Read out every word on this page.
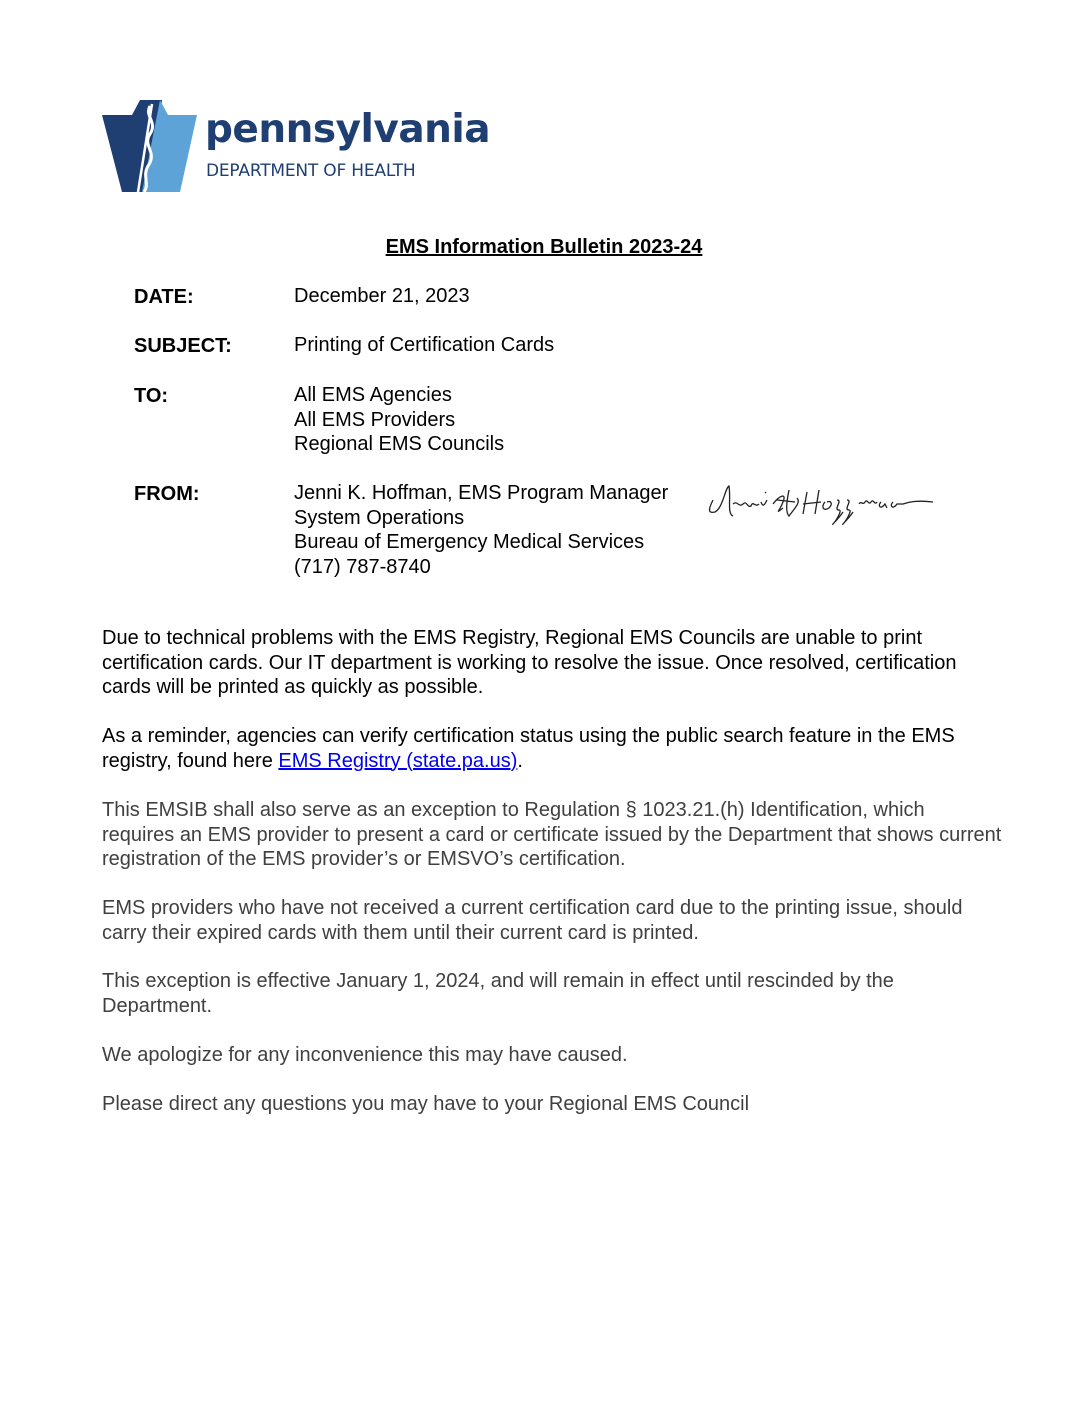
pennsylvania
DEPARTMENT OF HEALTH
EMS Information Bulletin 2023-24
DATE:	December 21, 2023
SUBJECT:	Printing of Certification Cards
TO:	All EMS Agencies
All EMS Providers
Regional EMS Councils
FROM:	Jenni K. Hoffman, EMS Program Manager
System Operations
Bureau of Emergency Medical Services
(717) 787-8740

Due to technical problems with the EMS Registry, Regional EMS Councils are unable to print certification cards. Our IT department is working to resolve the issue. Once resolved, certification cards will be printed as quickly as possible.

As a reminder, agencies can verify certification status using the public search feature in the EMS registry, found here EMS Registry (state.pa.us).

This EMSIB shall also serve as an exception to Regulation § 1023.21.(h) Identification, which requires an EMS provider to present a card or certificate issued by the Department that shows current registration of the EMS provider’s or EMSVO’s certification.

EMS providers who have not received a current certification card due to the printing issue, should carry their expired cards with them until their current card is printed.

This exception is effective January 1, 2024, and will remain in effect until rescinded by the Department.

We apologize for any inconvenience this may have caused.

Please direct any questions you may have to your Regional EMS Council
